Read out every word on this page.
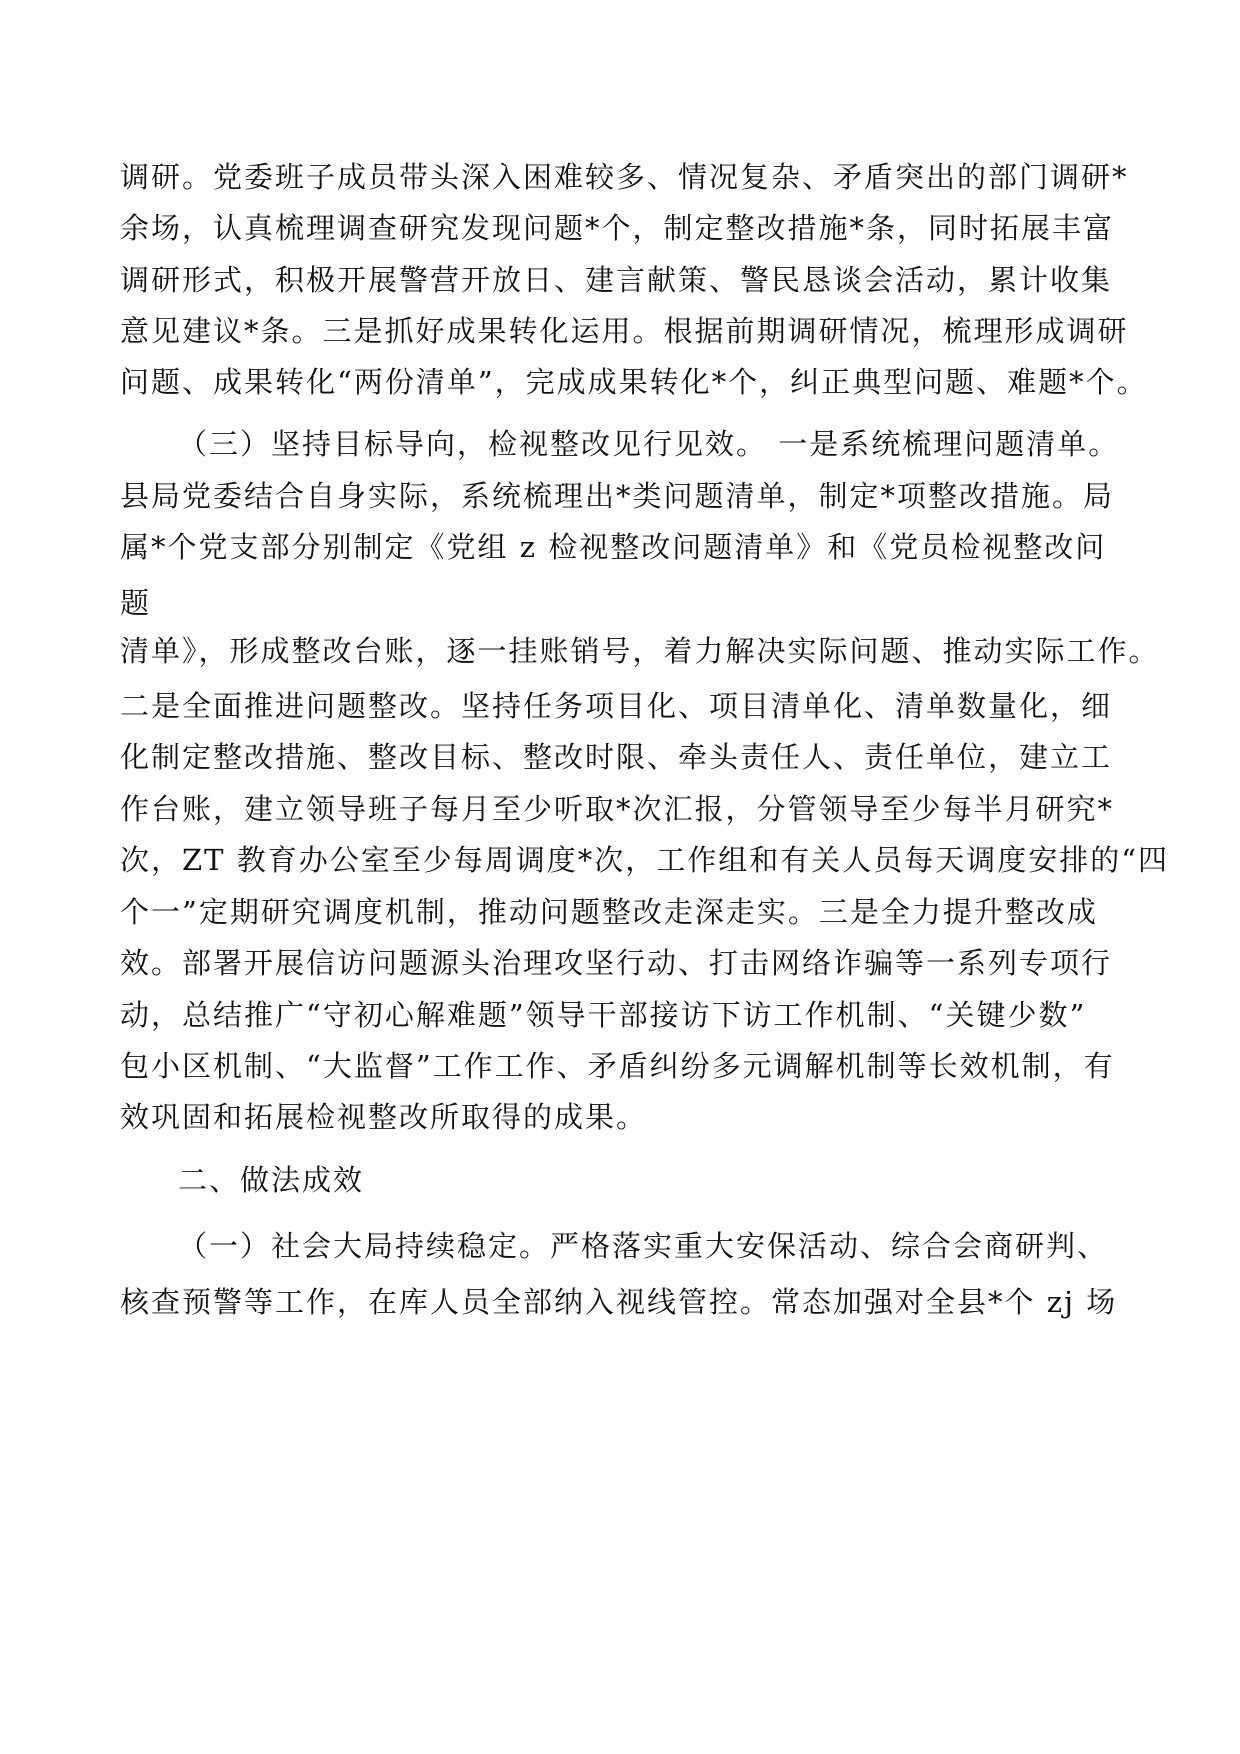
调研。党委班子成员带头深入困难较多、情况复杂、矛盾突出的部门调研*
余场，认真梳理调查研究发现问题*个，制定整改措施*条，同时拓展丰富
调研形式，积极开展警营开放日、建言献策、警民恳谈会活动，累计收集
意见建议*条。三是抓好成果转化运用。根据前期调研情况，梳理形成调研
问题、成果转化“两份清单”，完成成果转化*个，纠正典型问题、难题*个。
（三）坚持目标导向，检视整改见行见效。 一是系统梳理问题清单。
县局党委结合自身实际，系统梳理出*类问题清单，制定*项整改措施。局
属*个党支部分别制定《党组 z 检视整改问题清单》和《党员检视整改问
题
清单》，形成整改台账，逐一挂账销号，着力解决实际问题、推动实际工作。
二是全面推进问题整改。坚持任务项目化、项目清单化、清单数量化，细
化制定整改措施、整改目标、整改时限、牵头责任人、责任单位，建立工
作台账，建立领导班子每月至少听取*次汇报，分管领导至少每半月研究*
次，ZT 教育办公室至少每周调度*次，工作组和有关人员每天调度安排的“四
个一”定期研究调度机制，推动问题整改走深走实。三是全力提升整改成
效。部署开展信访问题源头治理攻坚行动、打击网络诈骗等一系列专项行
动，总结推广“守初心解难题”领导干部接访下访工作机制、“关键少数”
包小区机制、“大监督”工作工作、矛盾纠纷多元调解机制等长效机制，有
效巩固和拓展检视整改所取得的成果。
二、做法成效
（一）社会大局持续稳定。严格落实重大安保活动、综合会商研判、
核查预警等工作，在库人员全部纳入视线管控。常态加强对全县*个 zj 场
